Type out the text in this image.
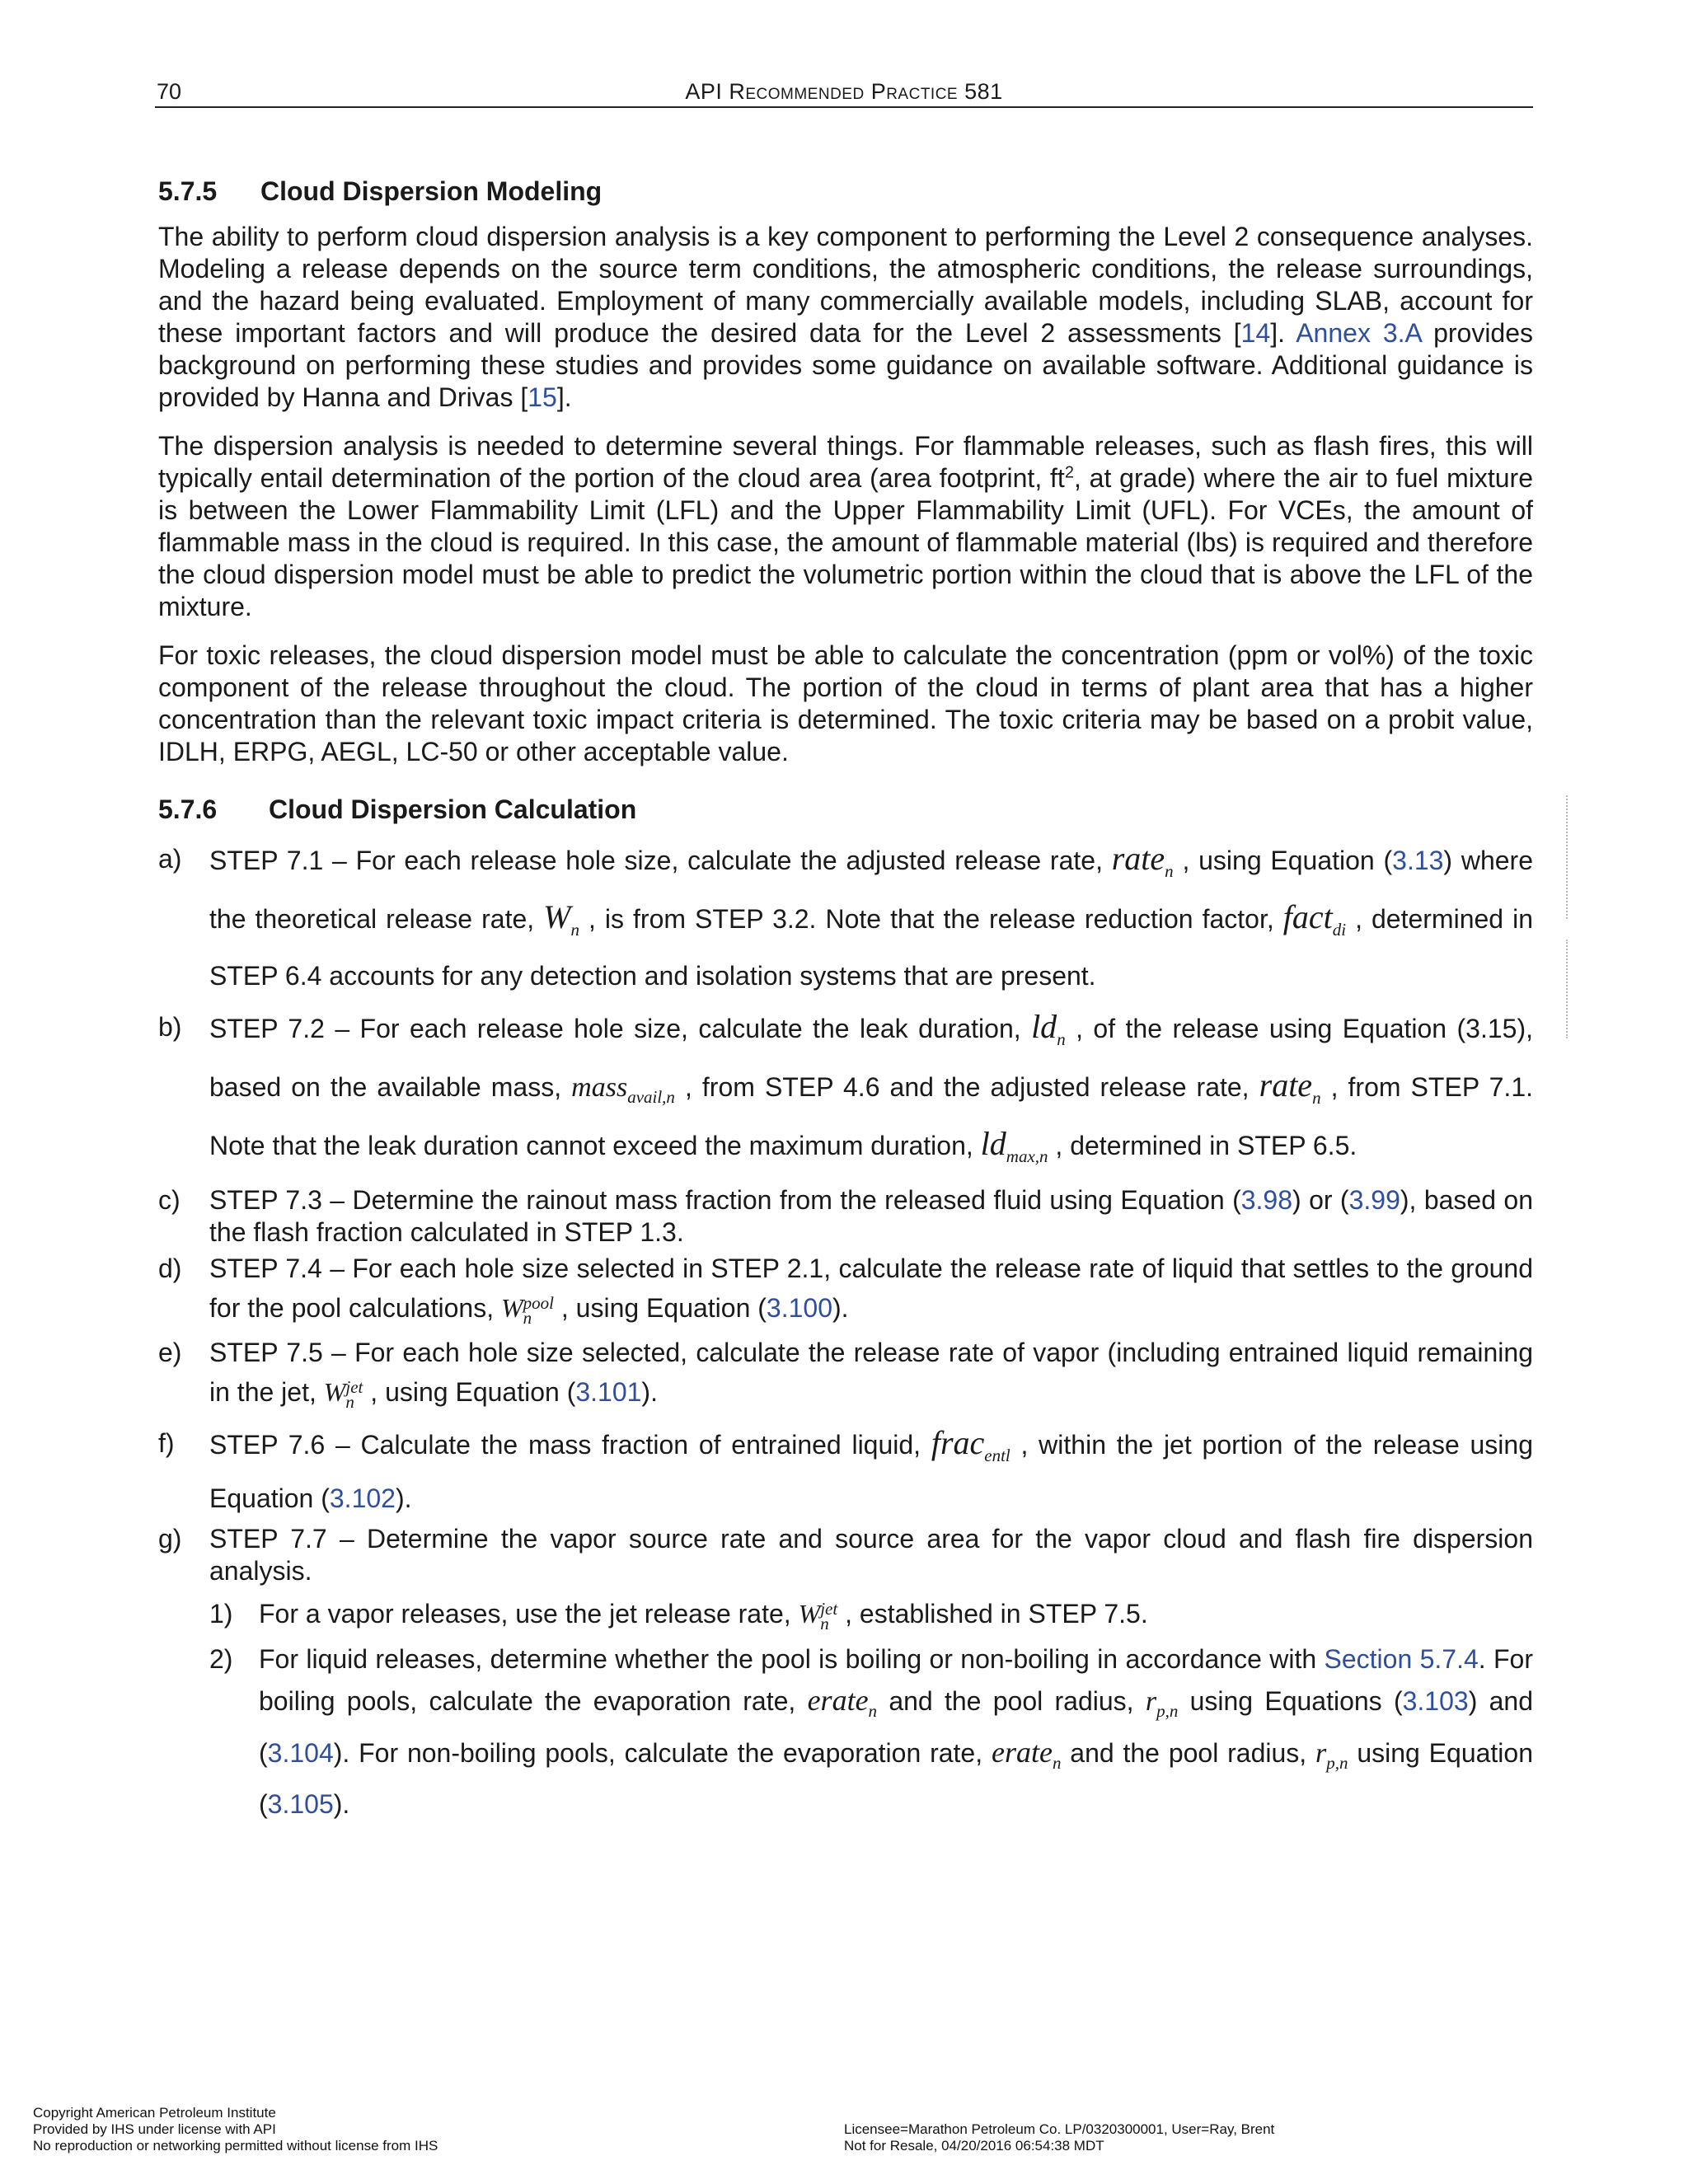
70	API Recommended Practice 581
5.7.5 Cloud Dispersion Modeling

The ability to perform cloud dispersion analysis is a key component to performing the Level 2 consequence analyses. Modeling a release depends on the source term conditions, the atmospheric conditions, the release surroundings, and the hazard being evaluated. Employment of many commercially available models, including SLAB, account for these important factors and will produce the desired data for the Level 2 assessments [14]. Annex 3.A provides background on performing these studies and provides some guidance on available software. Additional guidance is provided by Hanna and Drivas [15].

The dispersion analysis is needed to determine several things. For flammable releases, such as flash fires, this will typically entail determination of the portion of the cloud area (area footprint, $ft^2$, at grade) where the air to fuel mixture is between the Lower Flammability Limit (LFL) and the Upper Flammability Limit (UFL). For VCEs, the amount of flammable mass in the cloud is required. In this case, the amount of flammable material (lbs) is required and therefore the cloud dispersion model must be able to predict the volumetric portion within the cloud that is above the LFL of the mixture.

For toxic releases, the cloud dispersion model must be able to calculate the concentration (ppm or vol%) of the toxic component of the release throughout the cloud. The portion of the cloud in terms of plant area that has a higher concentration than the relevant toxic impact criteria is determined. The toxic criteria may be based on a probit value, IDLH, ERPG, AEGL, LC-50 or other acceptable value.

5.7.6 Cloud Dispersion Calculation
a) STEP 7.1 – For each release hole size, calculate the adjusted release rate, rate$_n$ , using Equation (3.13) where the theoretical release rate, $W_n$ , is from STEP 3.2. Note that the release reduction factor, fact$_{di}$ , determined in STEP 6.4 accounts for any detection and isolation systems that are present.
b) STEP 7.2 – For each release hole size, calculate the leak duration, $ld_n$ , of the release using Equation (3.15), based on the available mass, mass$_{avail,n}$ , from STEP 4.6 and the adjusted release rate, rate$_n$ , from STEP 7.1. Note that the leak duration cannot exceed the maximum duration, $ld_{max,n}$ , determined in STEP 6.5.
c) STEP 7.3 – Determine the rainout mass fraction from the released fluid using Equation (3.98) or (3.99), based on the flash fraction calculated in STEP 1.3.
d) STEP 7.4 – For each hole size selected in STEP 2.1, calculate the release rate of liquid that settles to the ground for the pool calculations, Wpool
n , using Equation (3.100).
e) STEP 7.5 – For each hole size selected, calculate the release rate of vapor (including entrained liquid remaining in the jet, Wjet
n , using Equation (3.101).
f) STEP 7.6 – Calculate the mass fraction of entrained liquid, frac$_{entl}$ , within the jet portion of the release using Equation (3.102).
g) STEP 7.7 – Determine the vapor source rate and source area for the vapor cloud and flash fire dispersion analysis.
1) For a vapor releases, use the jet release rate, Wjet
n , established in STEP 7.5.
2) For liquid releases, determine whether the pool is boiling or non-boiling in accordance with Section 5.7.4. For boiling pools, calculate the evaporation rate, erate$_n$ and the pool radius, $r_{p,n}$ using Equations (3.103) and (3.104). For non-boiling pools, calculate the evaporation rate, erate$_n$ and the pool radius, $r_{p,n}$ using Equation (3.105).
Copyright American Petroleum Institute
Provided by IHS under license with API
No reproduction or networking permitted without license from IHS
Licensee=Marathon Petroleum Co. LP/0320300001, User=Ray, Brent
Not for Resale, 04/20/2016 06:54:38 MDT
